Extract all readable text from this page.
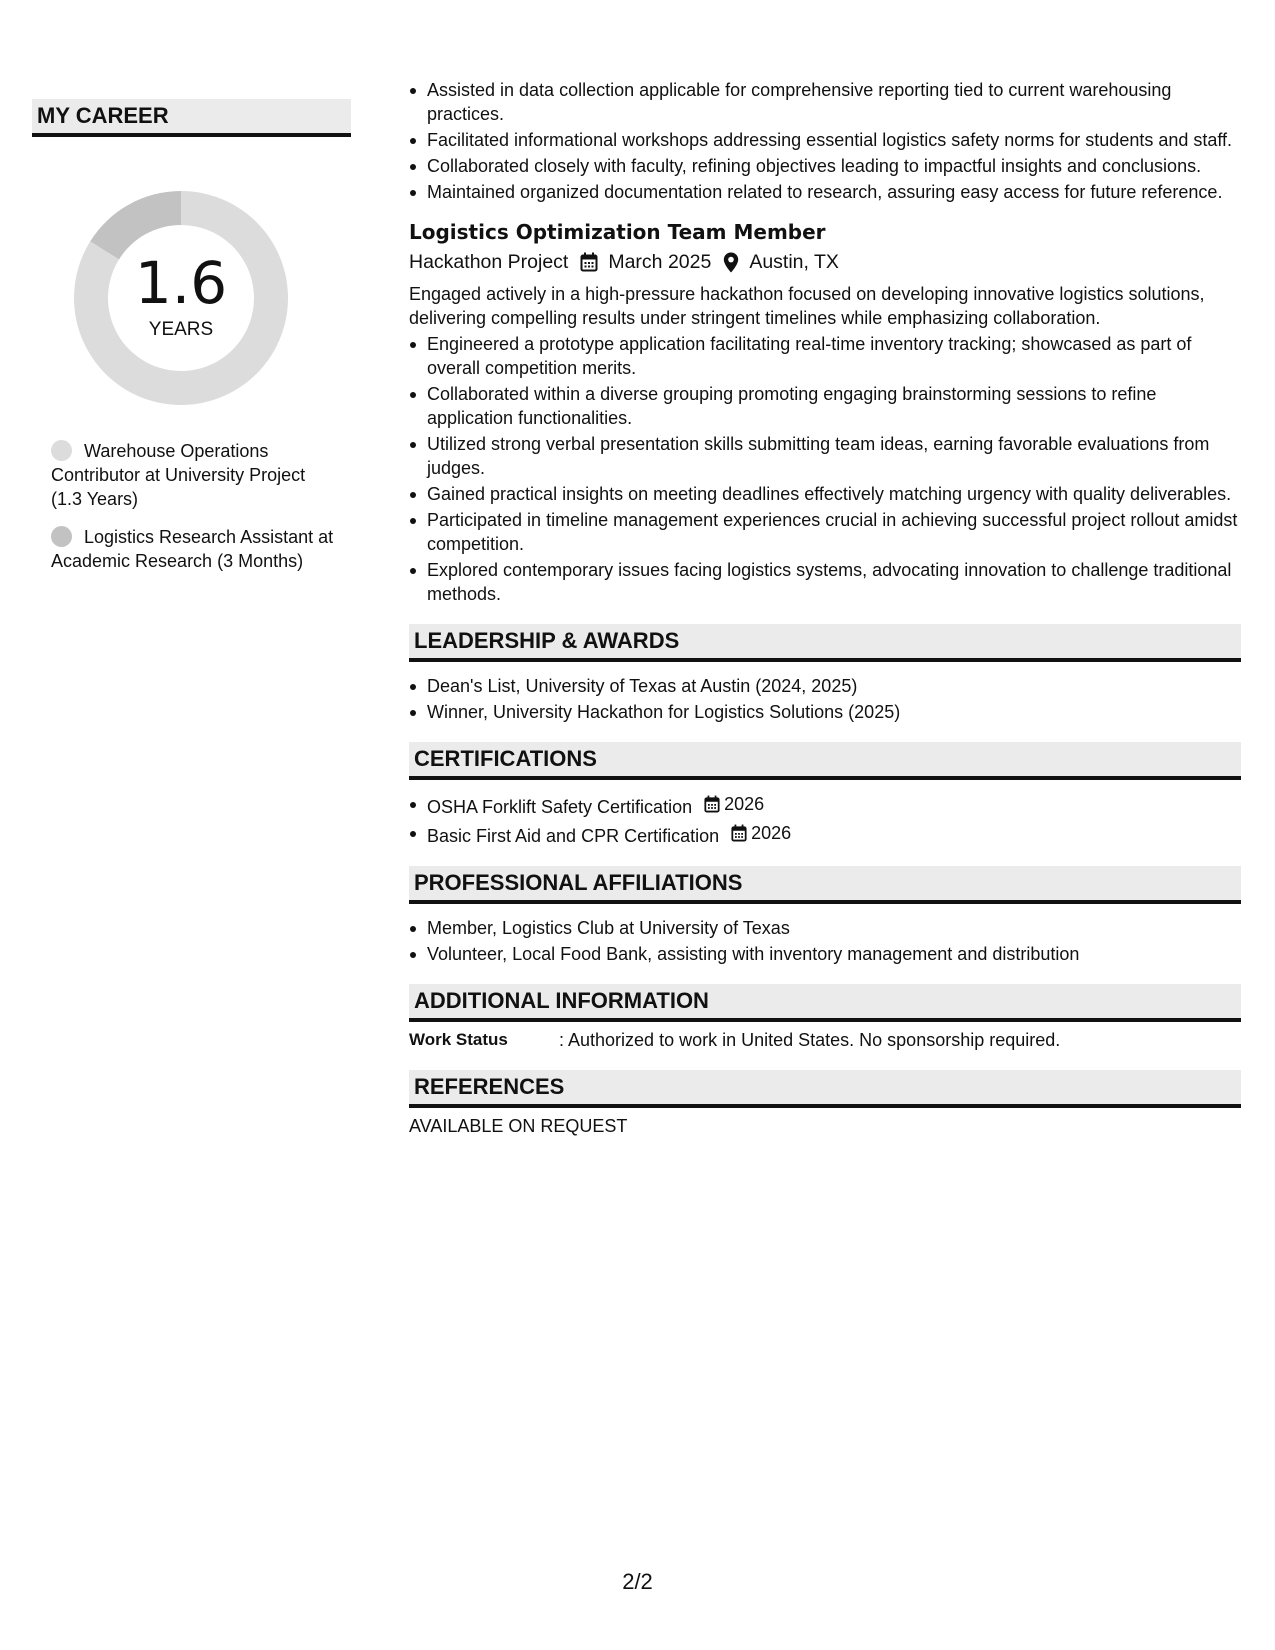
MY CAREER
1.6
YEARS
Warehouse Operations Contributor at University Project (1.3 Years)
Logistics Research Assistant at Academic Research (3 Months)
Assisted in data collection applicable for comprehensive reporting tied to current warehousing practices.
Facilitated informational workshops addressing essential logistics safety norms for students and staff.
Collaborated closely with faculty, refining objectives leading to impactful insights and conclusions.
Maintained organized documentation related to research, assuring easy access for future reference.
Logistics Optimization Team Member
Hackathon Project March 2025 Austin, TX
Engaged actively in a high-pressure hackathon focused on developing innovative logistics solutions, delivering compelling results under stringent timelines while emphasizing collaboration.
Engineered a prototype application facilitating real-time inventory tracking; showcased as part of overall competition merits.
Collaborated within a diverse grouping promoting engaging brainstorming sessions to refine application functionalities.
Utilized strong verbal presentation skills submitting team ideas, earning favorable evaluations from judges.
Gained practical insights on meeting deadlines effectively matching urgency with quality deliverables.
Participated in timeline management experiences crucial in achieving successful project rollout amidst competition.
Explored contemporary issues facing logistics systems, advocating innovation to challenge traditional methods.
LEADERSHIP & AWARDS
Dean's List, University of Texas at Austin (2024, 2025)
Winner, University Hackathon for Logistics Solutions (2025)
CERTIFICATIONS
OSHA Forklift Safety Certification 2026
Basic First Aid and CPR Certification 2026
PROFESSIONAL AFFILIATIONS
Member, Logistics Club at University of Texas
Volunteer, Local Food Bank, assisting with inventory management and distribution
ADDITIONAL INFORMATION
Work Status	: Authorized to work in United States. No sponsorship required.
REFERENCES
AVAILABLE ON REQUEST
2/2
